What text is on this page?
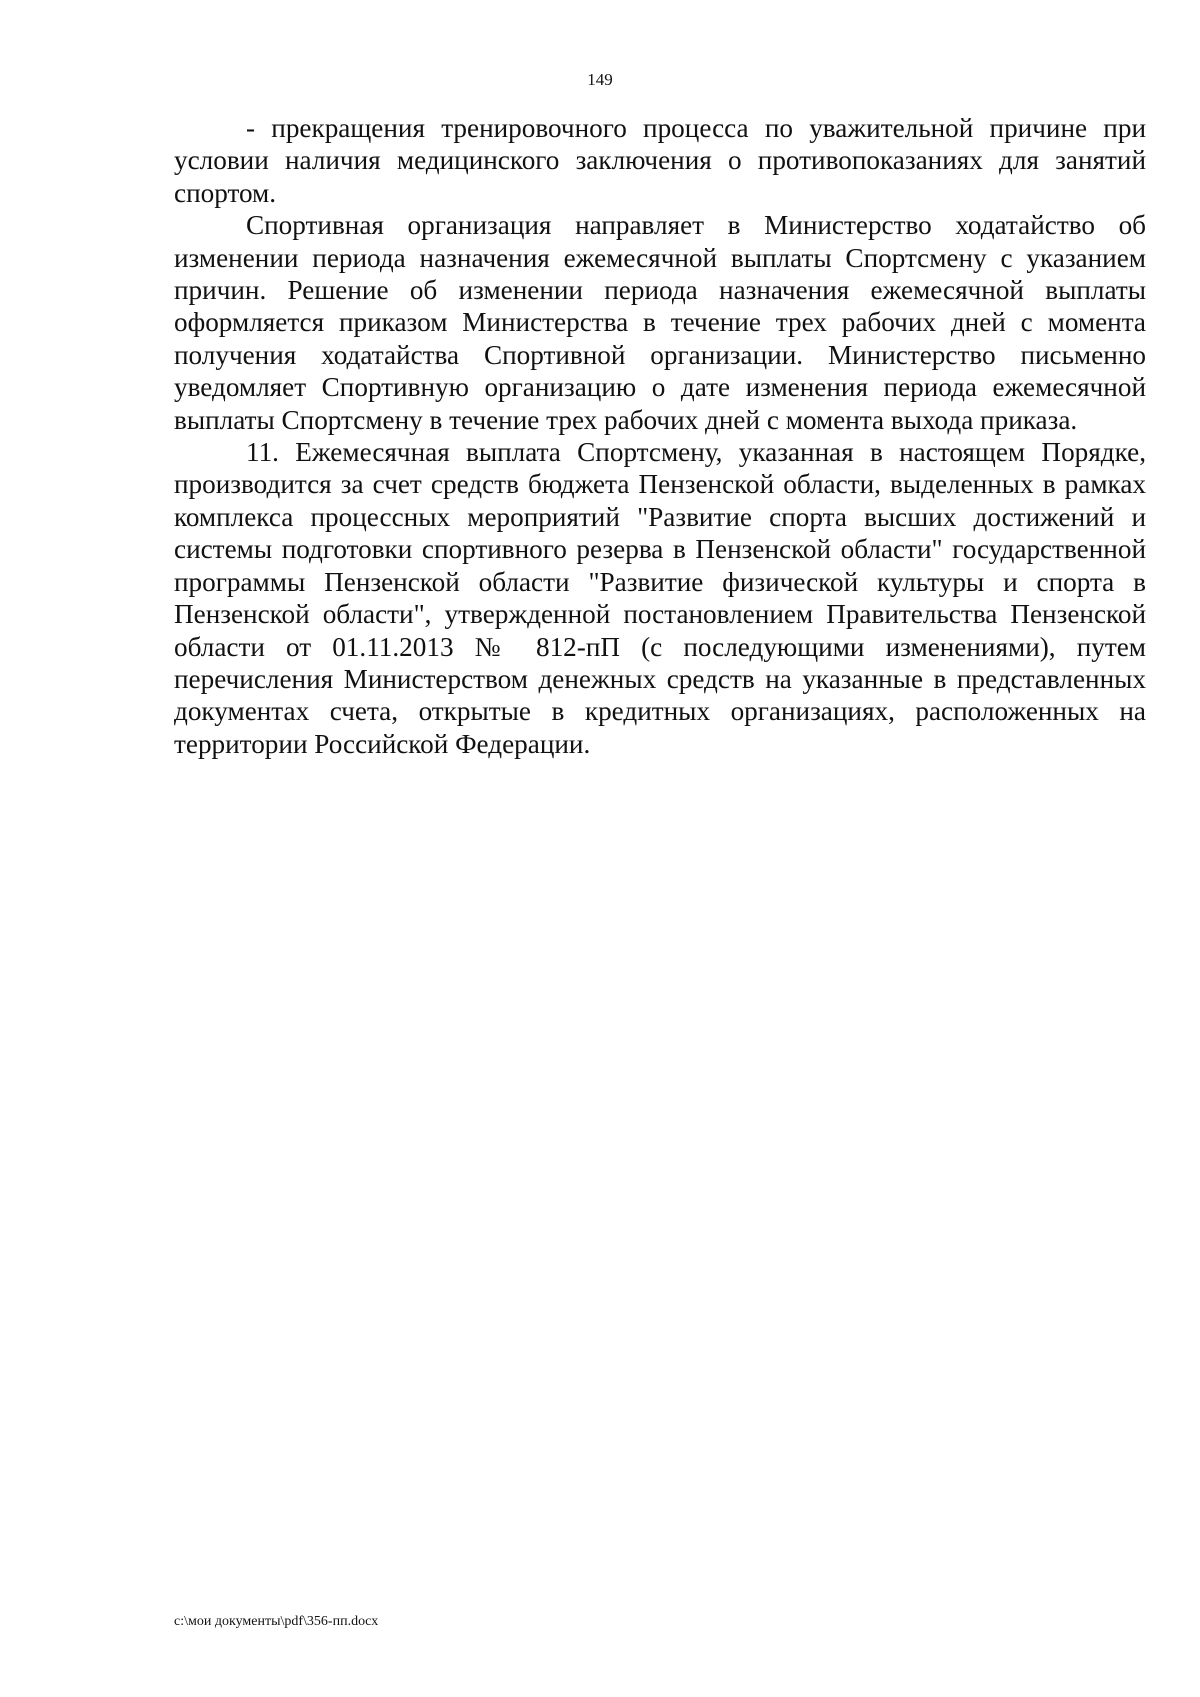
149

- прекращения тренировочного процесса по уважительной причине при условии наличия медицинского заключения о противопоказаниях для занятий спортом.

Спортивная организация направляет в Министерство ходатайство об изменении периода назначения ежемесячной выплаты Спортсмену с указанием причин. Решение об изменении периода назначения ежемесячной выплаты оформляется приказом Министерства в течение трех рабочих дней с момента получения ходатайства Спортивной организации. Министерство письменно уведомляет Спортивную организацию о дате изменения периода ежемесячной выплаты Спортсмену в течение трех рабочих дней с момента выхода приказа.

11. Ежемесячная выплата Спортсмену, указанная в настоящем Порядке, производится за счет средств бюджета Пензенской области, выделенных в рамках комплекса процессных мероприятий "Развитие спорта высших достижений и системы подготовки спортивного резерва в Пензенской области" государственной программы Пензенской области "Развитие физической культуры и спорта в Пензенской области", утвержденной постановлением Правительства Пензенской области от 01.11.2013 № 812-пП (с последующими изменениями), путем перечисления Министерством денежных средств на указанные в представленных документах счета, открытые в кредитных организациях, расположенных на территории Российской Федерации.

c:\мои документы\pdf\356-пп.docx
